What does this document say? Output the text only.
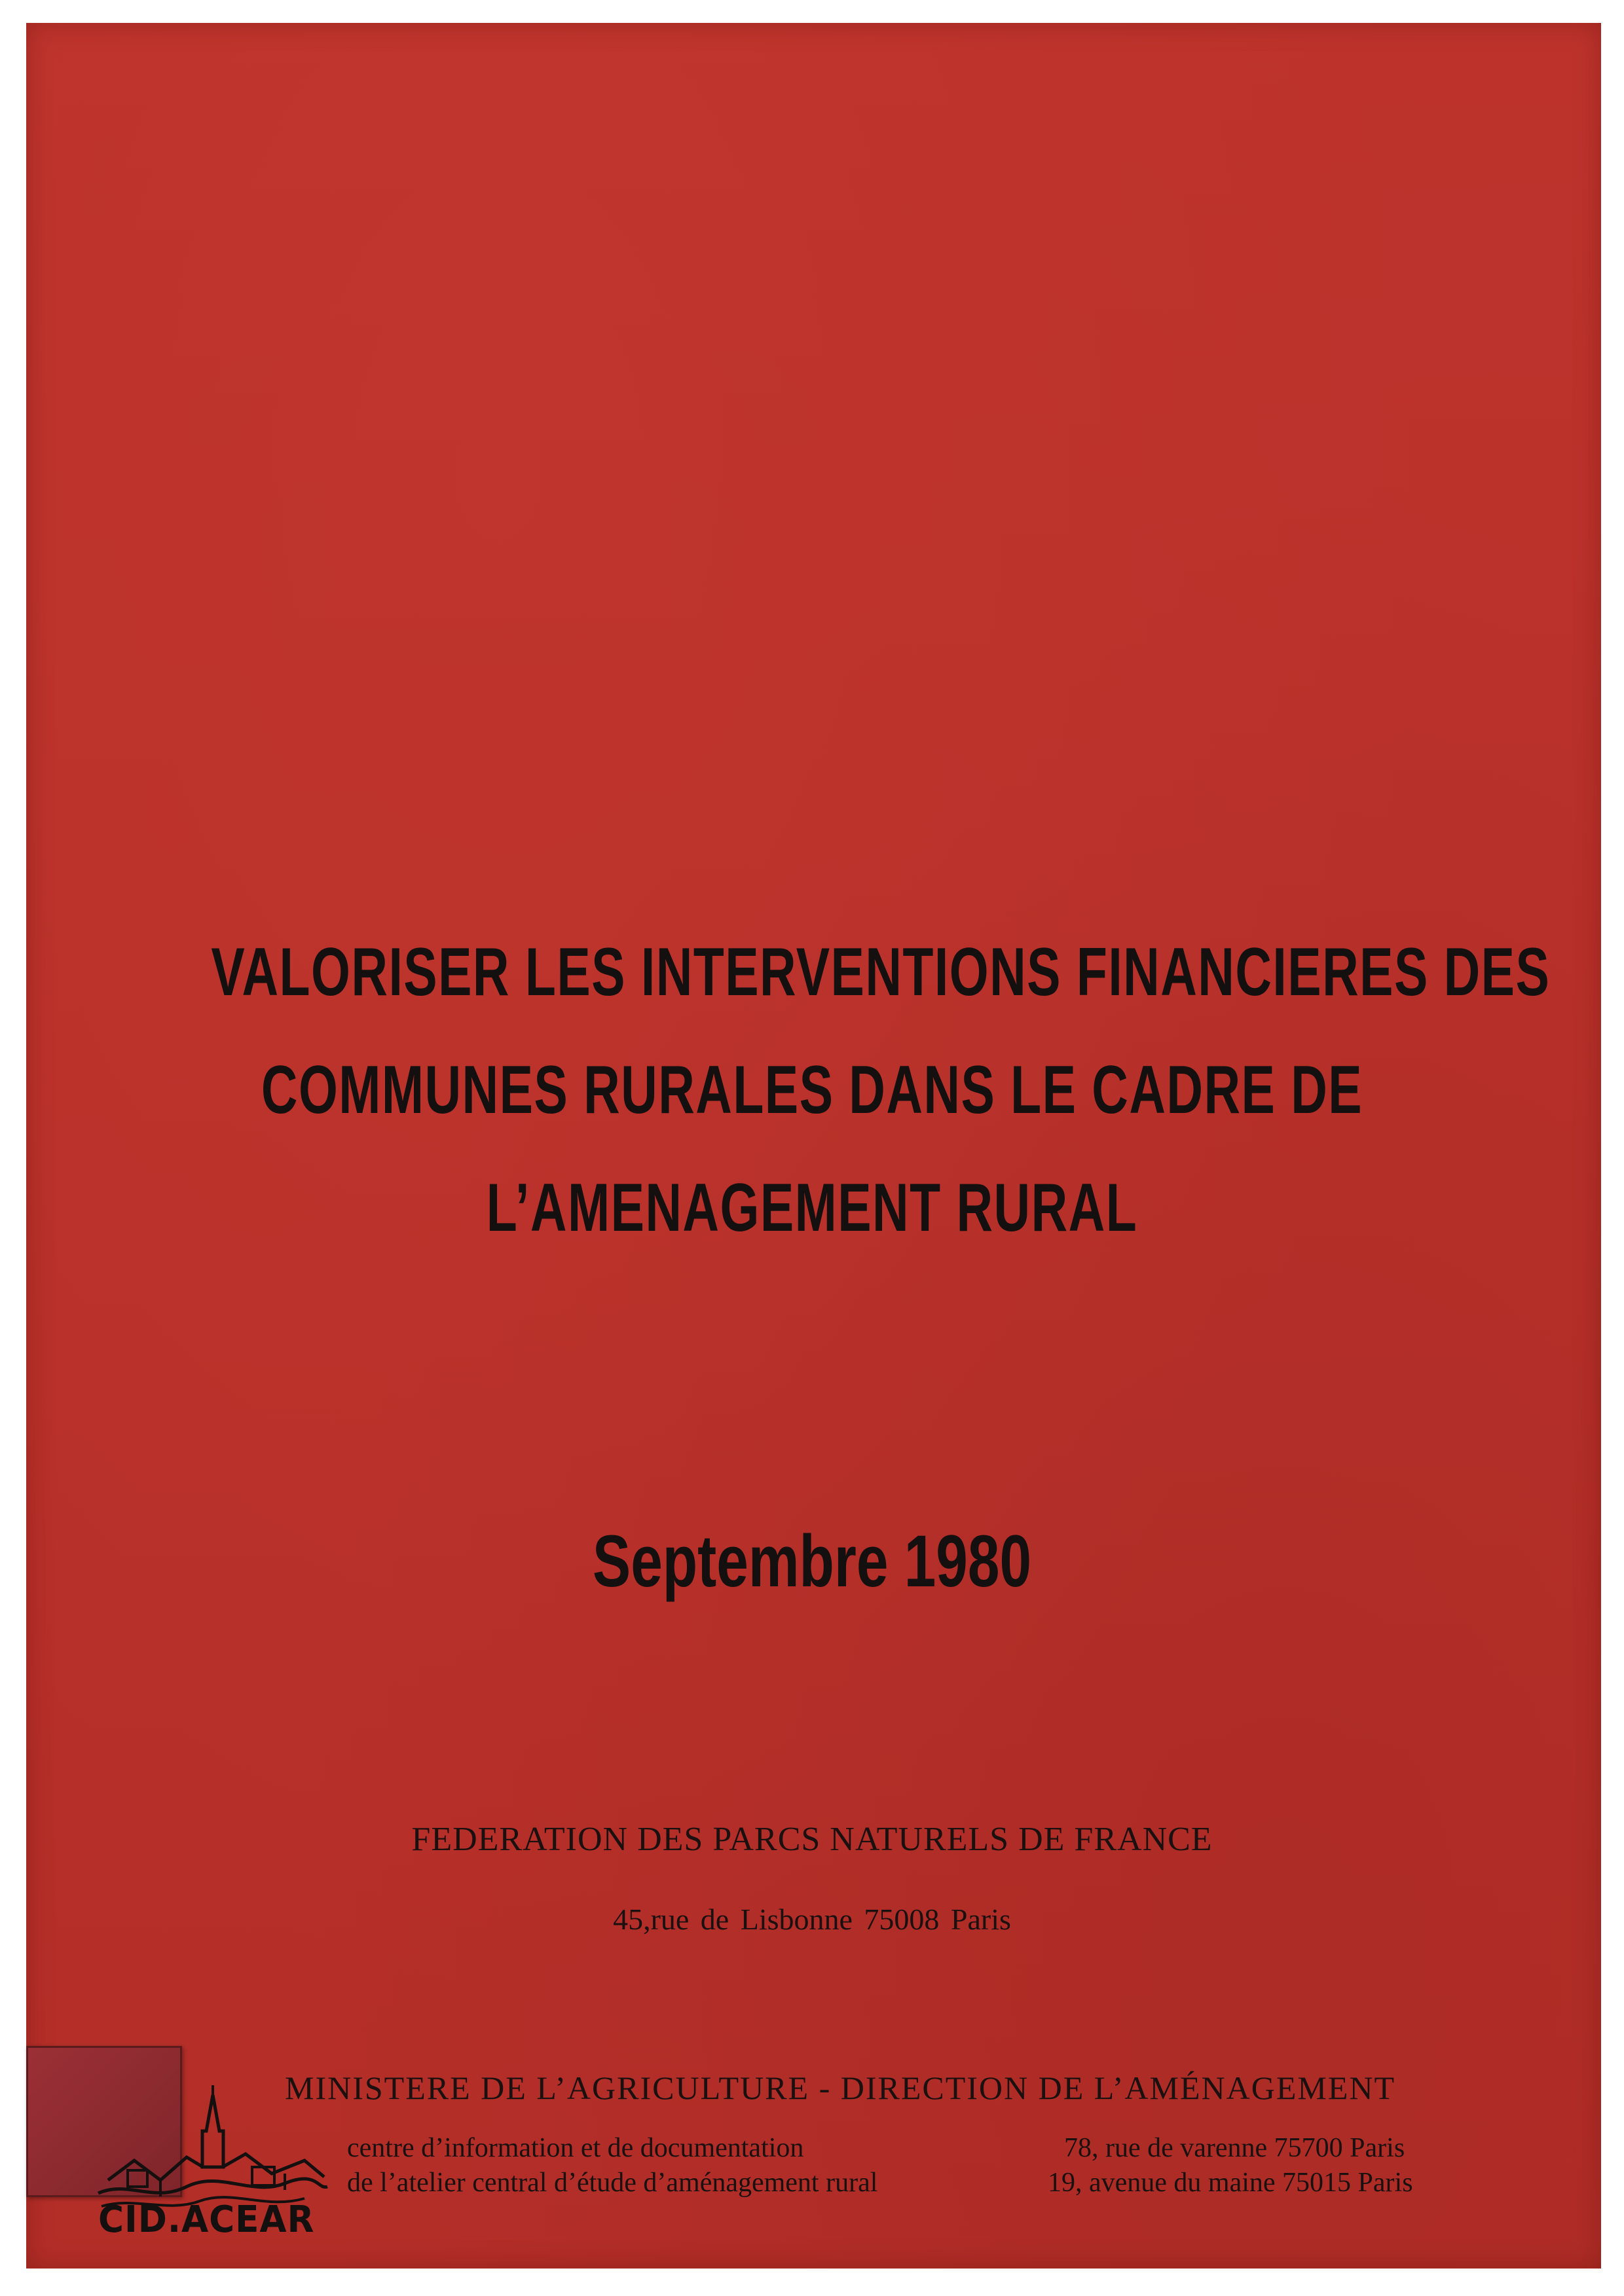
VALORISER LES INTERVENTIONS FINANCIERES DES
COMMUNES RURALES DANS LE CADRE DE
L’AMENAGEMENT RURAL
Septembre 1980
FEDERATION DES PARCS NATURELS DE FRANCE
45,rue de Lisbonne 75008 Paris
CID.ACEAR
MINISTERE DE L’AGRICULTURE - DIRECTION DE L’AMÉNAGEMENT
centre d’information et de documentation
de l’atelier central d’étude d’aménagement rural
78, rue de varenne 75700 Paris
19, avenue du maine 75015 Paris
